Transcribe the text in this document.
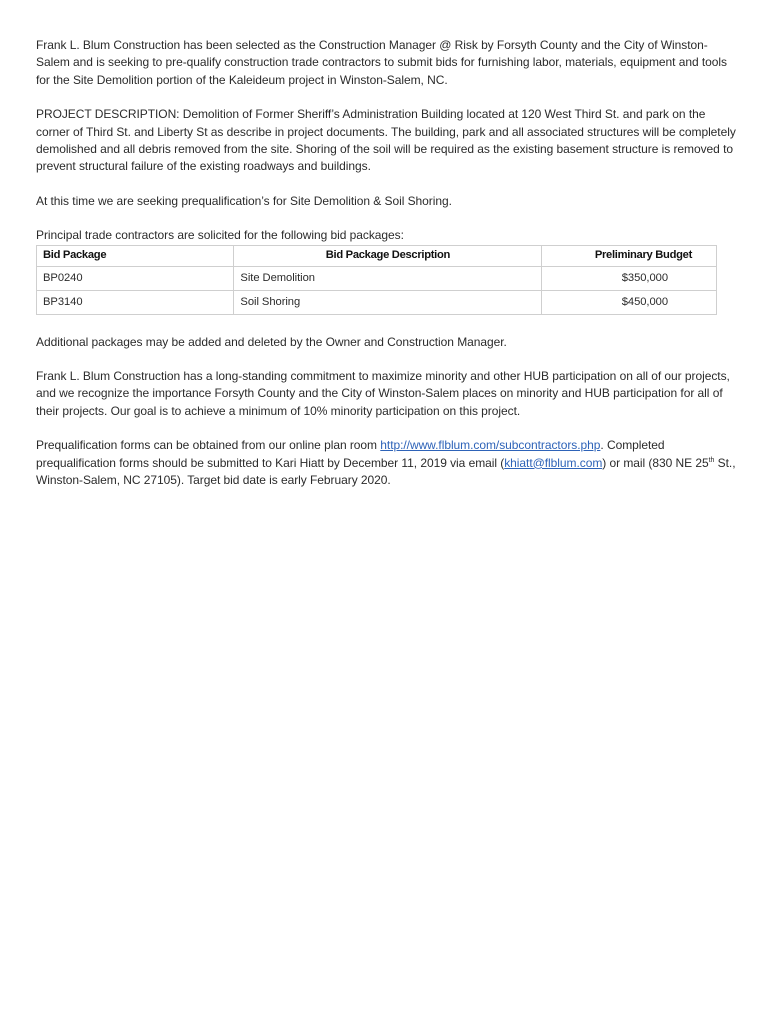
Frank L. Blum Construction has been selected as the Construction Manager @ Risk by Forsyth County and the City of Winston-Salem and is seeking to pre-qualify construction trade contractors to submit bids for furnishing labor, materials, equipment and tools for the Site Demolition portion of the Kaleideum project in Winston-Salem, NC.

PROJECT DESCRIPTION: Demolition of Former Sheriff’s Administration Building located at 120 West Third St. and park on the corner of Third St. and Liberty St as describe in project documents. The building, park and all associated structures will be completely demolished and all debris removed from the site. Shoring of the soil will be required as the existing basement structure is removed to prevent structural failure of the existing roadways and buildings.

At this time we are seeking prequalification’s for Site Demolition & Soil Shoring.

Principal trade contractors are solicited for the following bid packages:

Bid Package	Bid Package Description	Preliminary Budget
BP0240	Site Demolition	$350,000
BP3140	Soil Shoring	$450,000

Additional packages may be added and deleted by the Owner and Construction Manager.

Frank L. Blum Construction has a long-standing commitment to maximize minority and other HUB participation on all of our projects, and we recognize the importance Forsyth County and the City of Winston-Salem places on minority and HUB participation for all of their projects. Our goal is to achieve a minimum of 10% minority participation on this project.

Prequalification forms can be obtained from our online plan room http://www.flblum.com/subcontractors.php. Completed prequalification forms should be submitted to Kari Hiatt by December 11, 2019 via email (khiatt@flblum.com) or mail (830 NE 25th St., Winston-Salem, NC 27105). Target bid date is early February 2020.
